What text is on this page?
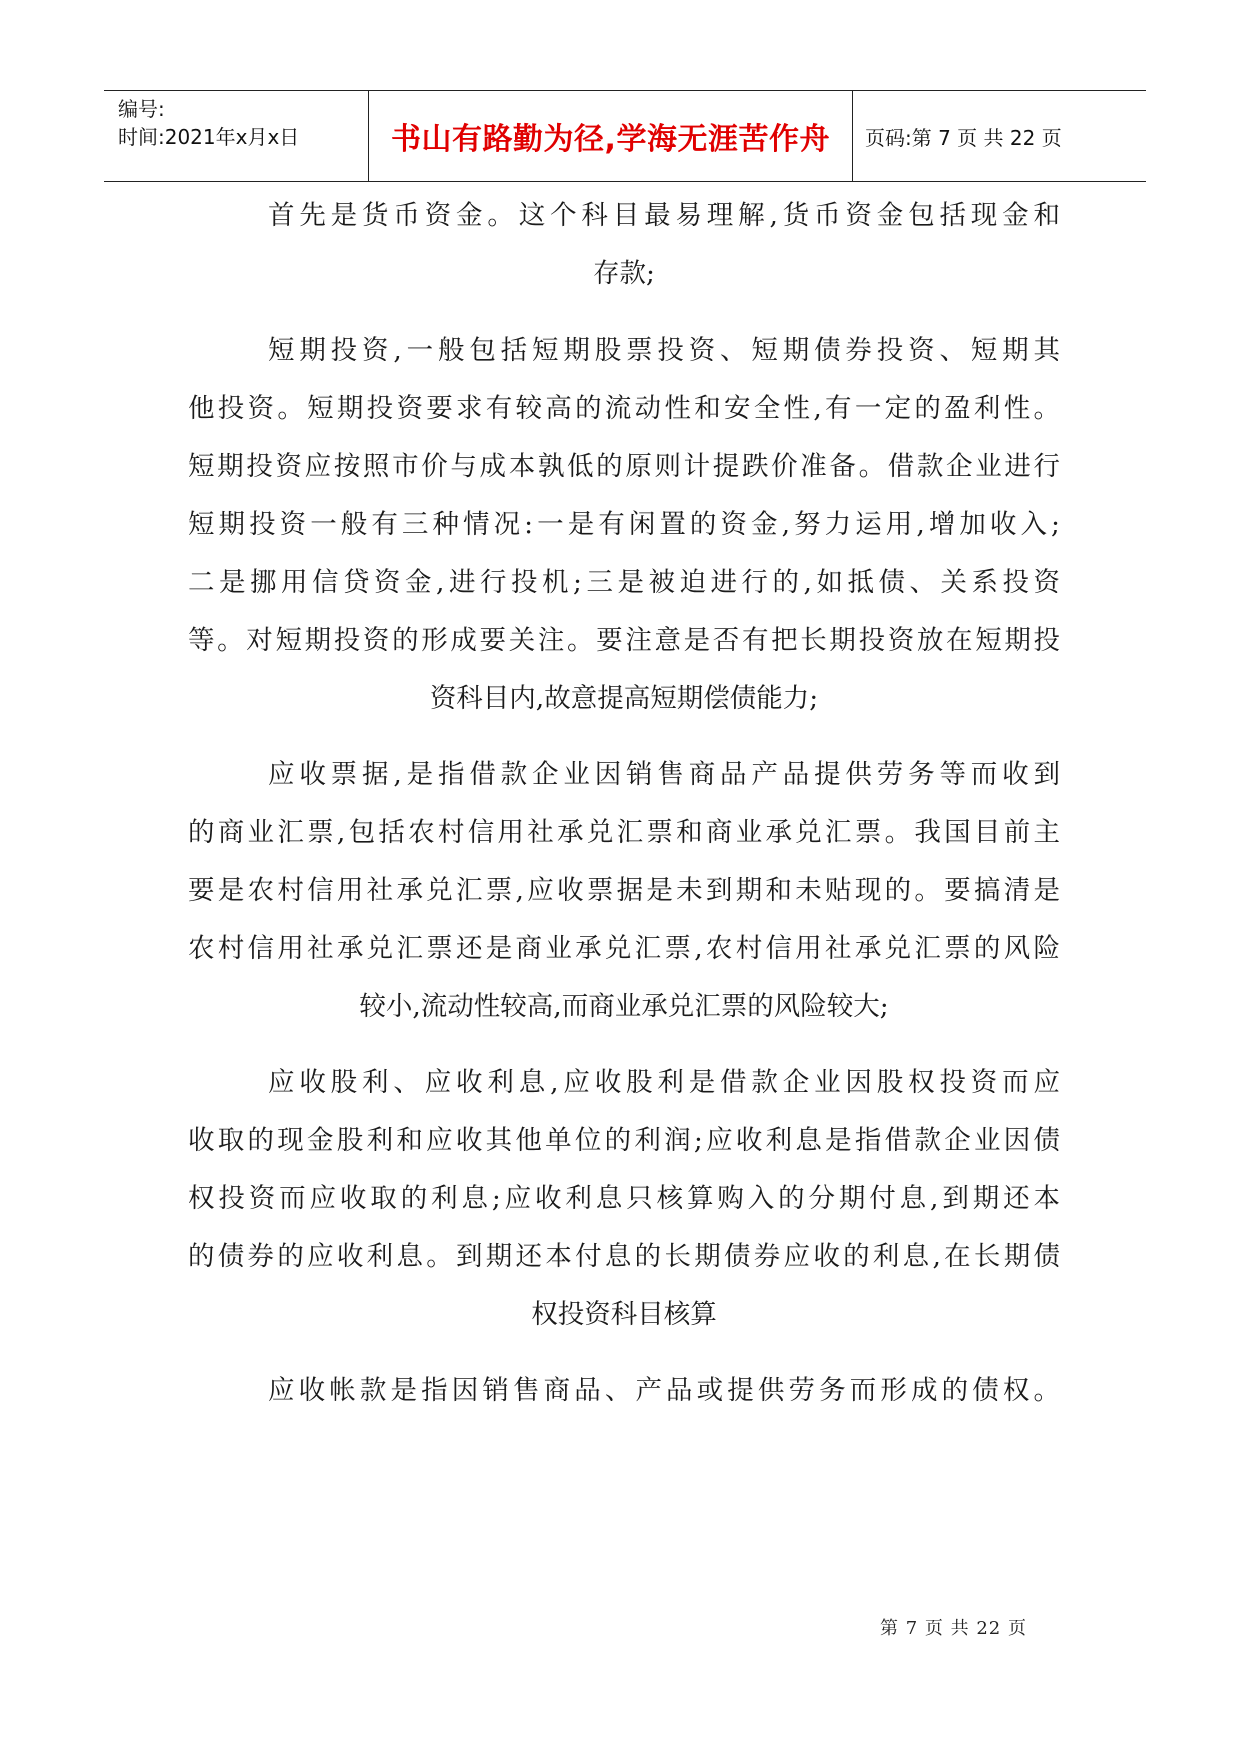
编号:
时间:2021年x月x日	书山有路勤为径,学海无涯苦作舟	页码:第 7 页 共 22 页
首先是货币资金。这个科目最易理解,货币资金包括现金和
存款;
短期投资,一般包括短期股票投资、短期债券投资、短期其
他投资。短期投资要求有较高的流动性和安全性,有一定的盈利性。
短期投资应按照市价与成本孰低的原则计提跌价准备。借款企业进行
短期投资一般有三种情况:一是有闲置的资金,努力运用,增加收入;
二是挪用信贷资金,进行投机;三是被迫进行的,如抵债、关系投资
等。对短期投资的形成要关注。要注意是否有把长期投资放在短期投
资科目内,故意提高短期偿债能力;
应收票据,是指借款企业因销售商品产品提供劳务等而收到
的商业汇票,包括农村信用社承兑汇票和商业承兑汇票。我国目前主
要是农村信用社承兑汇票,应收票据是未到期和未贴现的。要搞清是
农村信用社承兑汇票还是商业承兑汇票,农村信用社承兑汇票的风险
较小,流动性较高,而商业承兑汇票的风险较大;
应收股利、应收利息,应收股利是借款企业因股权投资而应
收取的现金股利和应收其他单位的利润;应收利息是指借款企业因债
权投资而应收取的利息;应收利息只核算购入的分期付息,到期还本
的债券的应收利息。到期还本付息的长期债券应收的利息,在长期债
权投资科目核算
应收帐款是指因销售商品、产品或提供劳务而形成的债权。
第 7 页 共 22 页
